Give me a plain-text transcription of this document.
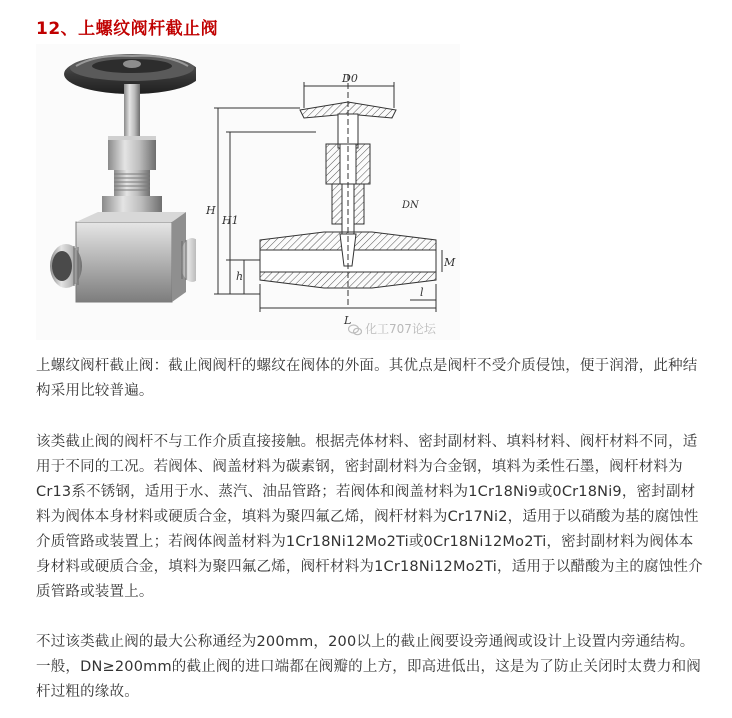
12、上螺纹阀杆截止阀
D0
H
H1
h
L
l
M
DN
化工707论坛

上螺纹阀杆截止阀：截止阀阀杆的螺纹在阀体的外面。其优点是阀杆不受介质侵蚀，便于润滑，此种结构采用比较普遍。

该类截止阀的阀杆不与工作介质直接接触。根据壳体材料、密封副材料、填料材料、阀杆材料不同，适用于不同的工况。若阀体、阀盖材料为碳素钢，密封副材料为合金钢，填料为柔性石墨，阀杆材料为Cr13系不锈钢，适用于水、蒸汽、油品管路；若阀体和阀盖材料为1Cr18Ni9或0Cr18Ni9，密封副材料为阀体本身材料或硬质合金，填料为聚四氟乙烯，阀杆材料为Cr17Ni2，适用于以硝酸为基的腐蚀性介质管路或装置上；若阀体阀盖材料为1Cr18Ni12Mo2Ti或0Cr18Ni12Mo2Ti，密封副材料为阀体本身材料或硬质合金，填料为聚四氟乙烯，阀杆材料为1Cr18Ni12Mo2Ti，适用于以醋酸为主的腐蚀性介质管路或装置上。

不过该类截止阀的最大公称通经为200mm，200以上的截止阀要设旁通阀或设计上设置内旁通结构。一般，DN≥200mm的截止阀的进口端都在阀瓣的上方，即高进低出，这是为了防止关闭时太费力和阀杆过粗的缘故。
